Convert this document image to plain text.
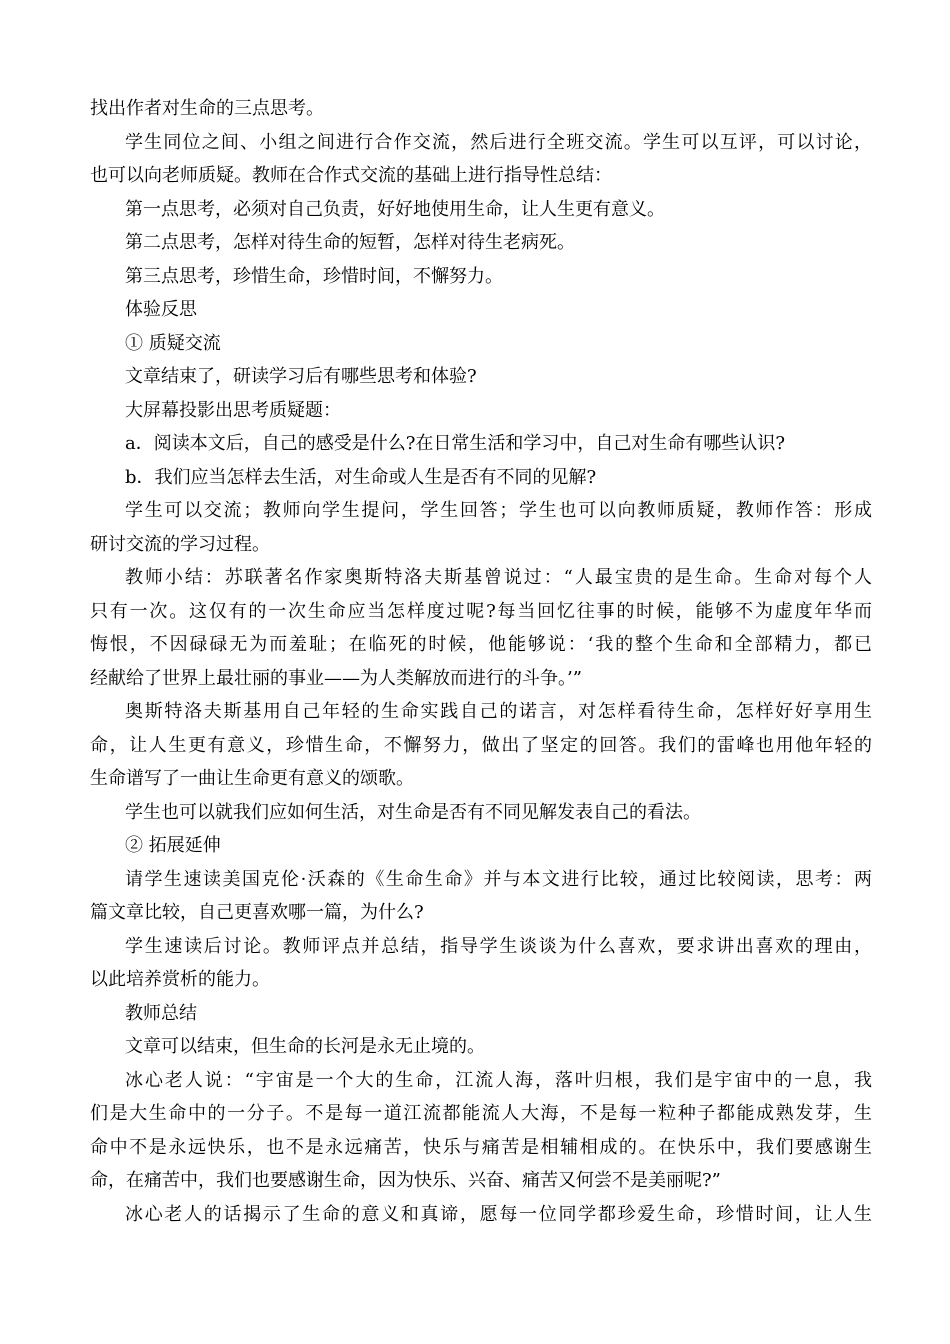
找出作者对生命的三点思考。
学生同位之间、小组之间进行合作交流，然后进行全班交流。学生可以互评，可以讨论，
也可以向老师质疑。教师在合作式交流的基础上进行指导性总结：
第一点思考，必须对自己负责，好好地使用生命，让人生更有意义。
第二点思考，怎样对待生命的短暂，怎样对待生老病死。
第三点思考，珍惜生命，珍惜时间，不懈努力。
体验反思
① 质疑交流
文章结束了，研读学习后有哪些思考和体验?
大屏幕投影出思考质疑题：
a．阅读本文后，自己的感受是什么?在日常生活和学习中，自己对生命有哪些认识?
b．我们应当怎样去生活，对生命或人生是否有不同的见解?
学生可以交流；教师向学生提问，学生回答；学生也可以向教师质疑，教师作答：形成
研讨交流的学习过程。
教师小结：苏联著名作家奥斯特洛夫斯基曾说过：“人最宝贵的是生命。生命对每个人
只有一次。这仅有的一次生命应当怎样度过呢?每当回忆往事的时候，能够不为虚度年华而
悔恨，不因碌碌无为而羞耻；在临死的时候，他能够说：‘我的整个生命和全部精力，都已
经献给了世界上最壮丽的事业——为人类解放而进行的斗争。’”
奥斯特洛夫斯基用自己年轻的生命实践自己的诺言，对怎样看待生命，怎样好好享用生
命，让人生更有意义，珍惜生命，不懈努力，做出了坚定的回答。我们的雷峰也用他年轻的
生命谱写了一曲让生命更有意义的颂歌。
学生也可以就我们应如何生活，对生命是否有不同见解发表自己的看法。
② 拓展延伸
请学生速读美国克伦·沃森的《生命生命》并与本文进行比较，通过比较阅读，思考：两
篇文章比较，自己更喜欢哪一篇，为什么?
学生速读后讨论。教师评点并总结，指导学生谈谈为什么喜欢，要求讲出喜欢的理由，
以此培养赏析的能力。
教师总结
文章可以结束，但生命的长河是永无止境的。
冰心老人说：“宇宙是一个大的生命，江流人海，落叶归根，我们是宇宙中的一息，我
们是大生命中的一分子。不是每一道江流都能流人大海，不是每一粒种子都能成熟发芽，生
命中不是永远快乐，也不是永远痛苦，快乐与痛苦是相辅相成的。在快乐中，我们要感谢生
命，在痛苦中，我们也要感谢生命，因为快乐、兴奋、痛苦又何尝不是美丽呢?”
冰心老人的话揭示了生命的意义和真谛，愿每一位同学都珍爱生命，珍惜时间，让人生
